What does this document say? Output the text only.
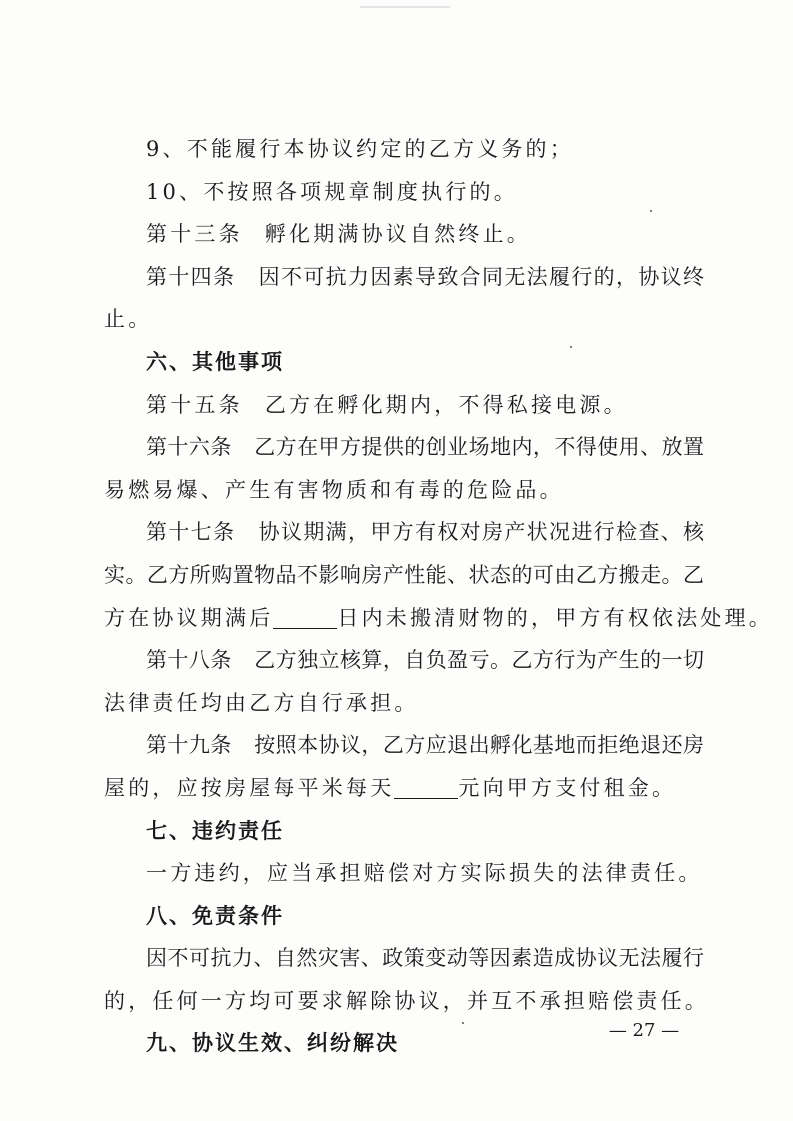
9、不能履行本协议约定的乙方义务的；
10、不按照各项规章制度执行的。
第十三条 孵化期满协议自然终止。
第十四条 因不可抗力因素导致合同无法履行的，协议终
止。
六、其他事项
第十五条 乙方在孵化期内，不得私接电源。
第十六条 乙方在甲方提供的创业场地内，不得使用、放置
易燃易爆、产生有害物质和有毒的危险品。
第十七条 协议期满，甲方有权对房产状况进行检查、核
实。乙方所购置物品不影响房产性能、状态的可由乙方搬走。乙
方在协议期满后	日内未搬清财物的，甲方有权依法处理。
第十八条 乙方独立核算，自负盈亏。乙方行为产生的一切
法律责任均由乙方自行承担。
第十九条 按照本协议，乙方应退出孵化基地而拒绝退还房
屋的，应按房屋每平米每天	元向甲方支付租金。
七、违约责任
一方违约，应当承担赔偿对方实际损失的法律责任。
八、免责条件
因不可抗力、自然灾害、政策变动等因素造成协议无法履行
的，任何一方均可要求解除协议，并互不承担赔偿责任。
九、协议生效、纠纷解决
— 27 —
